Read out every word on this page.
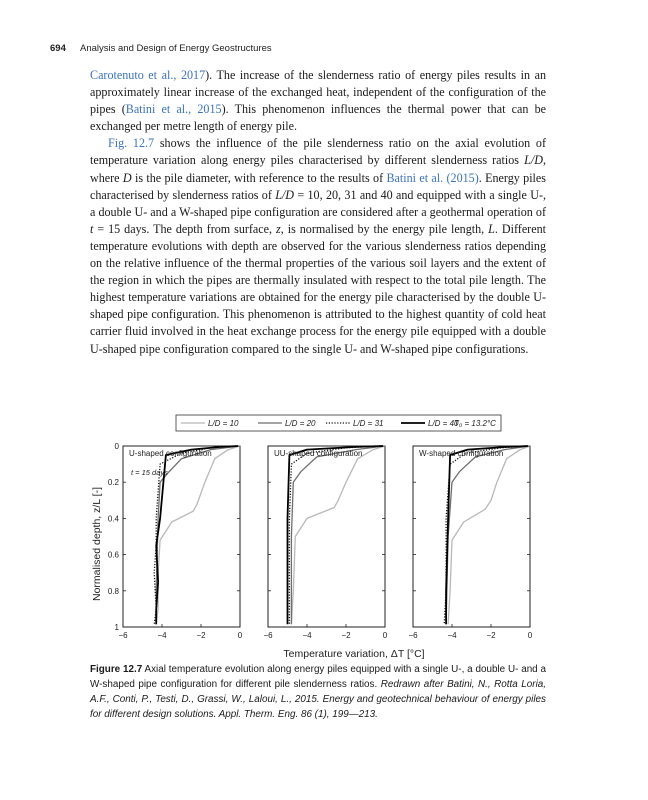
694 Analysis and Design of Energy Geostructures

Carotenuto et al., 2017). The increase of the slenderness ratio of energy piles results in an approximately linear increase of the exchanged heat, independent of the configuration of the pipes (Batini et al., 2015). This phenomenon influences the thermal power that can be exchanged per metre length of energy pile.

Fig. 12.7 shows the influence of the pile slenderness ratio on the axial evolution of temperature variation along energy piles characterised by different slenderness ratios L/D, where D is the pile diameter, with reference to the results of Batini et al. (2015). Energy piles characterised by slenderness ratios of L/D = 10, 20, 31 and 40 and equipped with a single U-, a double U- and a W-shaped pipe configuration are considered after a geothermal operation of t = 15 days. The depth from surface, z, is normalised by the energy pile length, L. Different temperature evolutions with depth are observed for the various slenderness ratios depending on the relative influence of the thermal properties of the various soil layers and the extent of the region in which the pipes are thermally insulated with respect to the total pile length. The highest temperature variations are obtained for the energy pile characterised by the double U-shaped pipe configuration. This phenomenon is attributed to the highest quantity of cold heat carrier fluid involved in the heat exchange process for the energy pile equipped with a double U-shaped pipe configuration compared to the single U- and W-shaped pipe configurations.

L/D = 10	L/D = 20	L/D = 31	L/D = 40
T₀ = 13.2°C
0
0.2
0.4
0.6
0.8
1
−6	−4	−2	0
U-shaped configuration
t = 15 days
−6	−4	−2	0
UU-shaped configuration
−6	−4	−2	0
W-shaped configuration
Normalised depth, z/L [-]
Temperature variation, ΔT [°C]
Figure 12.7 Axial temperature evolution along energy piles equipped with a single U-, a double U- and a W-shaped pipe configuration for different pile slenderness ratios. Redrawn after Batini, N., Rotta Loria, A.F., Conti, P., Testi, D., Grassi, W., Laloui, L., 2015. Energy and geotechnical behaviour of energy piles for different design solutions. Appl. Therm. Eng. 86 (1), 199—213.
